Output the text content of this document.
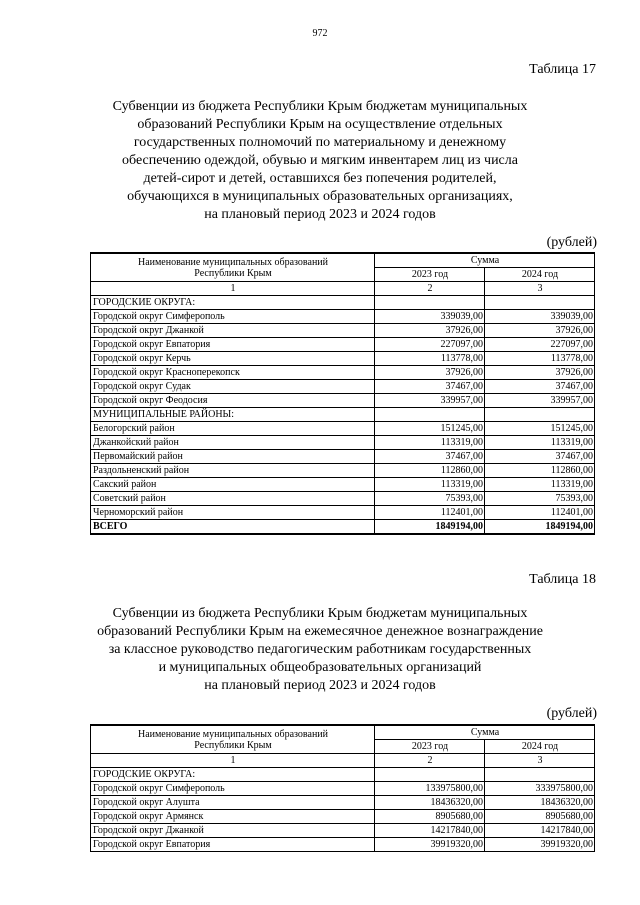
972
Таблица 17
Субвенции из бюджета Республики Крым бюджетам муниципальных
образований Республики Крым на осуществление отдельных
государственных полномочий по материальному и денежному
обеспечению одеждой, обувью и мягким инвентарем лиц из числа
детей-сирот и детей, оставшихся без попечения родителей,
обучающихся в муниципальных образовательных организациях,
на плановый период 2023 и 2024 годов
(рублей)
Наименование муниципальных образований
Республики Крым	Сумма	
	2023 год	2024 год
1	2	3
ГОРОДСКИЕ ОКРУГА:		
Городской округ Симферополь	339039,00	339039,00
Городской округ Джанкой	37926,00	37926,00
Городской округ Евпатория	227097,00	227097,00
Городской округ Керчь	113778,00	113778,00
Городской округ Красноперекопск	37926,00	37926,00
Городской округ Судак	37467,00	37467,00
Городской округ Феодосия	339957,00	339957,00
МУНИЦИПАЛЬНЫЕ РАЙОНЫ:		
Белогорский район	151245,00	151245,00
Джанкойский район	113319,00	113319,00
Первомайский район	37467,00	37467,00
Раздольненский район	112860,00	112860,00
Сакский район	113319,00	113319,00
Советский район	75393,00	75393,00
Черноморский район	112401,00	112401,00
ВСЕГО	1849194,00	1849194,00
Таблица 18
Субвенции из бюджета Республики Крым бюджетам муниципальных
образований Республики Крым на ежемесячное денежное вознаграждение
за классное руководство педагогическим работникам государственных
и муниципальных общеобразовательных организаций
на плановый период 2023 и 2024 годов
(рублей)
Наименование муниципальных образований
Республики Крым	Сумма	
	2023 год	2024 год
1	2	3
ГОРОДСКИЕ ОКРУГА:		
Городской округ Симферополь	133975800,00	333975800,00
Городской округ Алушта	18436320,00	18436320,00
Городской округ Армянск	8905680,00	8905680,00
Городской округ Джанкой	14217840,00	14217840,00
Городской округ Евпатория	39919320,00	39919320,00
